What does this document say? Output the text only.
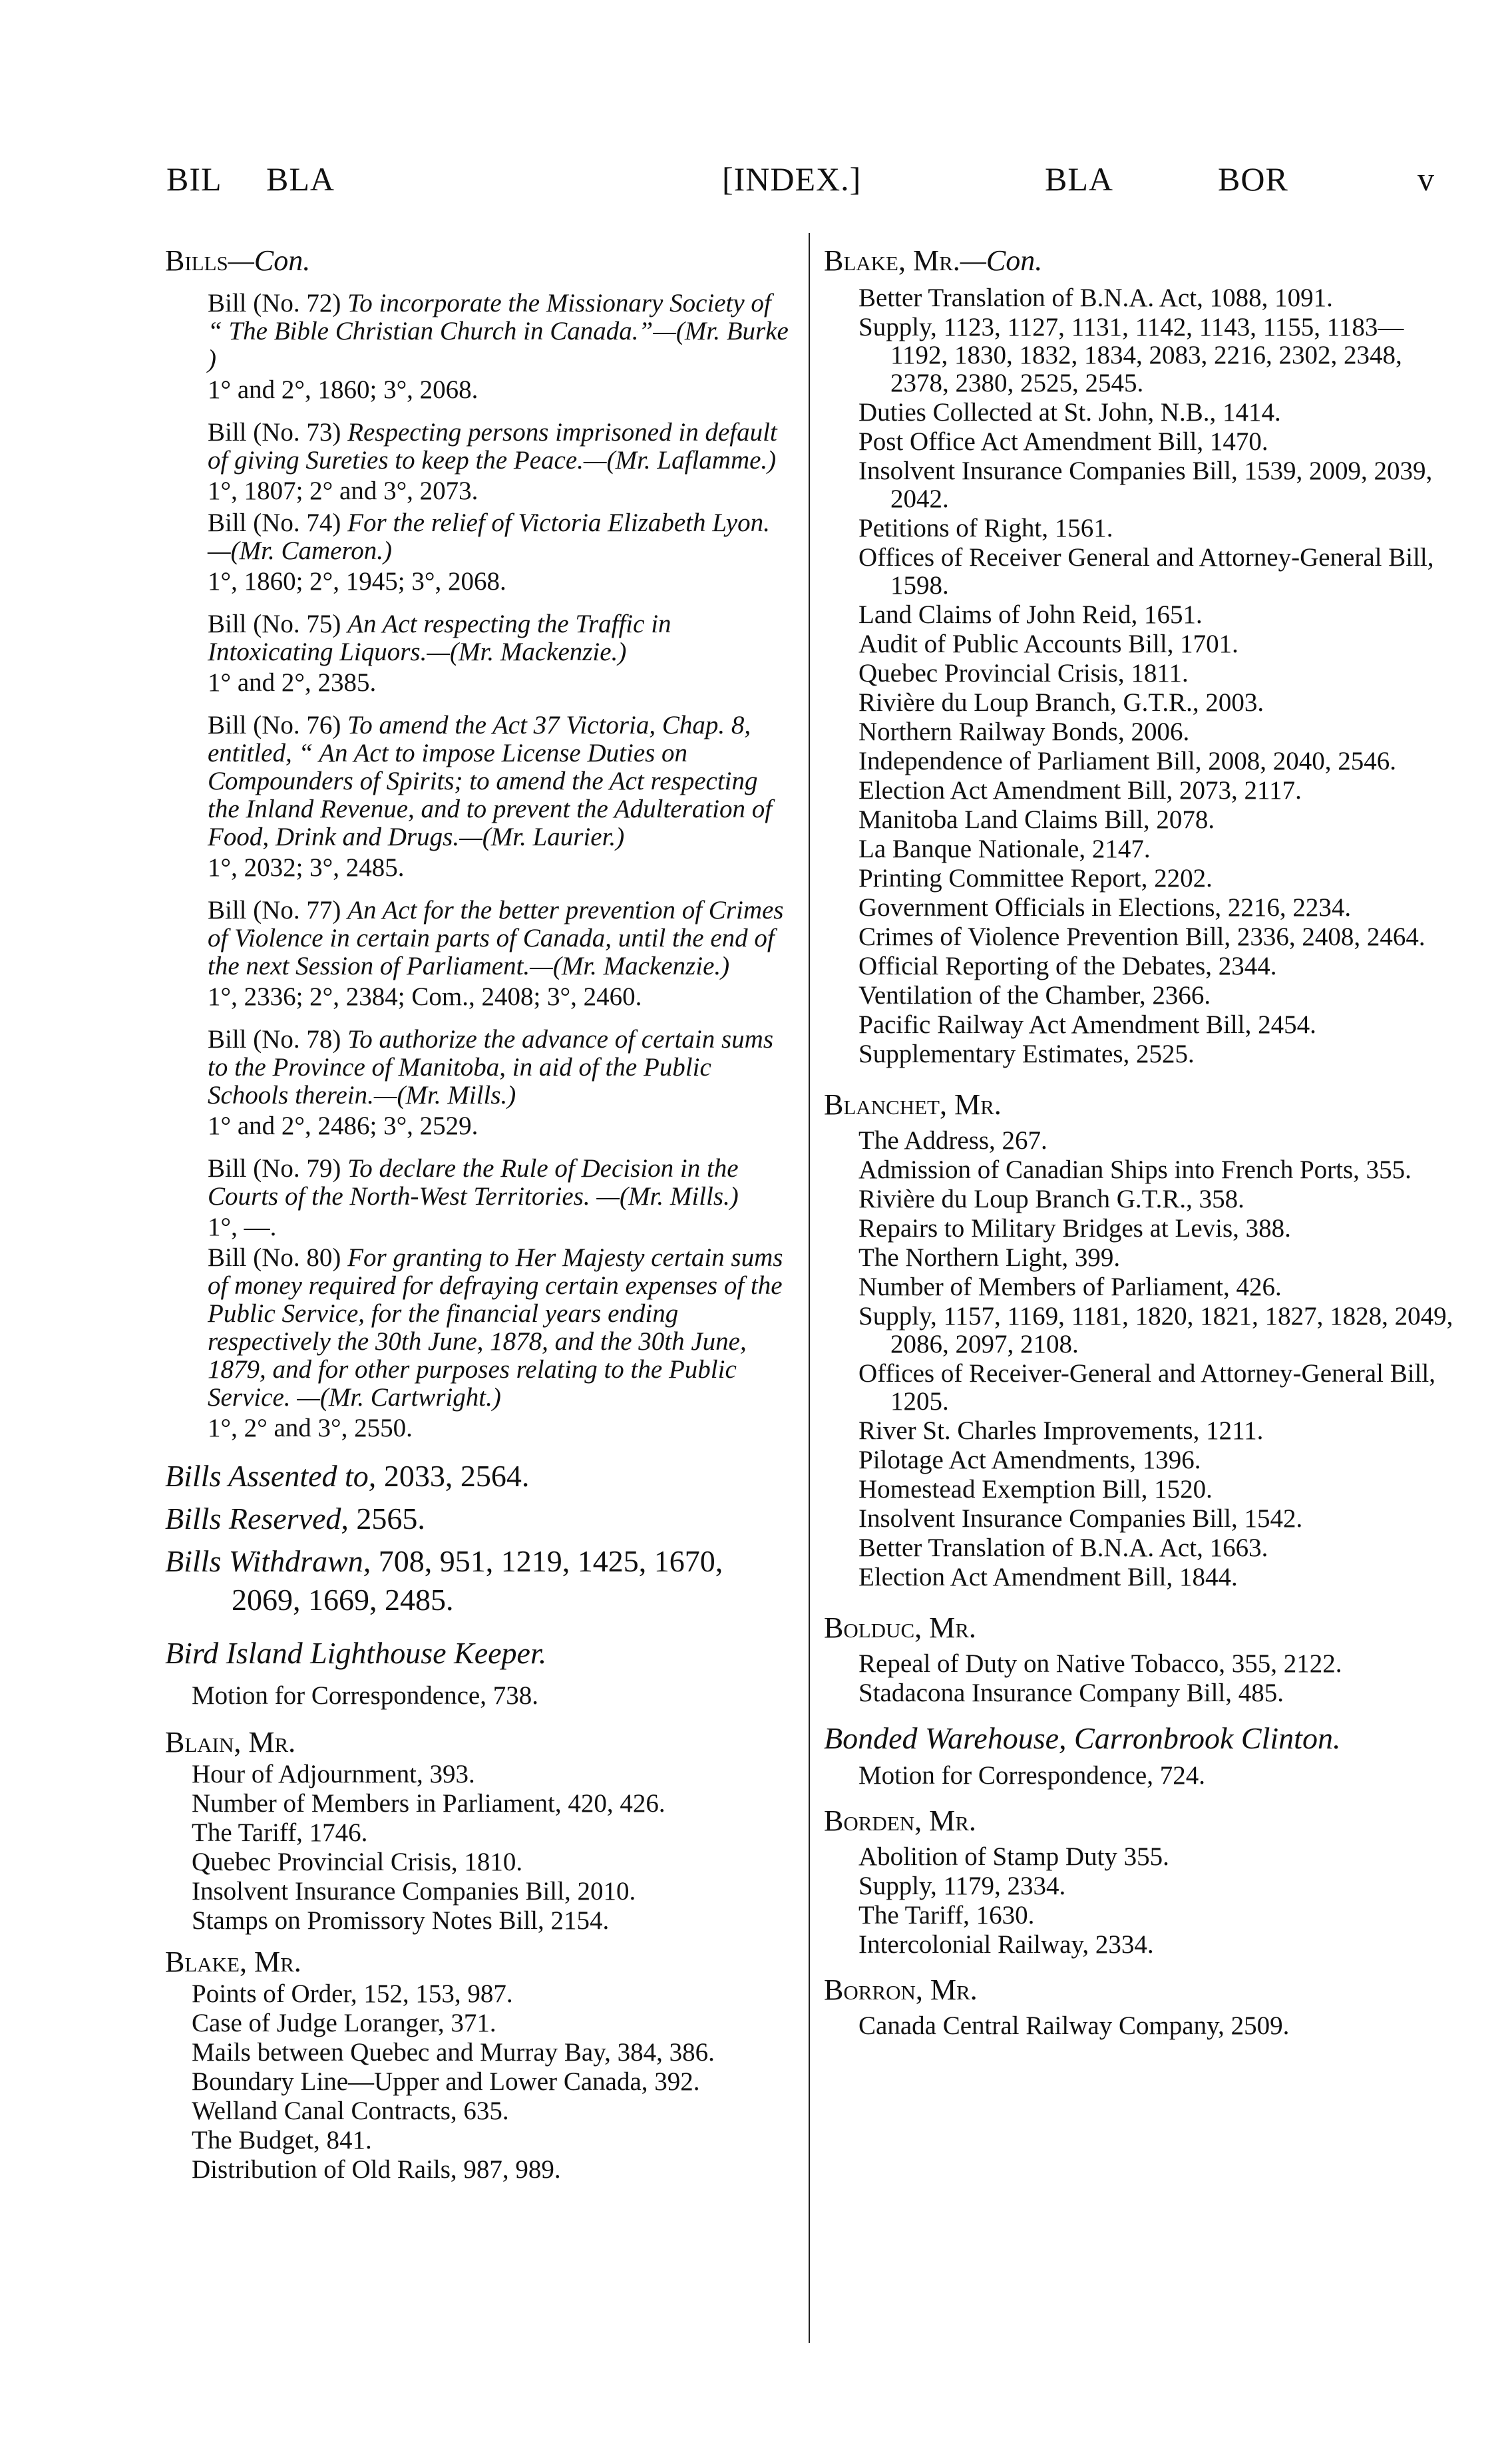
BIL BLA	[INDEX.]	BLA	BOR	v
Bills—Con.
Bill (No. 72) To incorporate the Missionary Society of “ The Bible Christian Church in Canada.”—(Mr. Burke )
1° and 2°, 1860; 3°, 2068.
Bill (No. 73) Respecting persons imprisoned in default of giving Sureties to keep the Peace.—(Mr. Laflamme.)
1°, 1807; 2° and 3°, 2073.
Bill (No. 74) For the relief of Victoria Elizabeth Lyon.—(Mr. Cameron.)
1°, 1860; 2°, 1945; 3°, 2068.
Bill (No. 75) An Act respecting the Traffic in Intoxicating Liquors.—(Mr. Mackenzie.)
1° and 2°, 2385.
Bill (No. 76) To amend the Act 37 Victoria, Chap. 8, entitled, “ An Act to impose License Duties on Compounders of Spirits; to amend the Act respecting the Inland Revenue, and to prevent the Adulteration of Food, Drink and Drugs.—(Mr. Laurier.)
1°, 2032; 3°, 2485.
Bill (No. 77) An Act for the better prevention of Crimes of Violence in certain parts of Canada, until the end of the next Session of Parliament.—(Mr. Mackenzie.)
1°, 2336; 2°, 2384; Com., 2408; 3°, 2460.
Bill (No. 78) To authorize the advance of certain sums to the Province of Manitoba, in aid of the Public Schools therein.—(Mr. Mills.)
1° and 2°, 2486; 3°, 2529.
Bill (No. 79) To declare the Rule of Decision in the Courts of the North-West Territories. —(Mr. Mills.)
1°, —.
Bill (No. 80) For granting to Her Majesty certain sums of money required for defraying certain expenses of the Public Service, for the financial years ending respectively the 30th June, 1878, and the 30th June, 1879, and for other purposes relating to the Public Service. —(Mr. Cartwright.)
1°, 2° and 3°, 2550.
Bills Assented to, 2033, 2564.
Bills Reserved, 2565.
Bills Withdrawn, 708, 951, 1219, 1425, 1670, 2069, 1669, 2485.
Bird Island Lighthouse Keeper.
Motion for Correspondence, 738.
Blain, Mr.
Hour of Adjournment, 393.
Number of Members in Parliament, 420, 426.
The Tariff, 1746.
Quebec Provincial Crisis, 1810.
Insolvent Insurance Companies Bill, 2010.
Stamps on Promissory Notes Bill, 2154.
Blake, Mr.
Points of Order, 152, 153, 987.
Case of Judge Loranger, 371.
Mails between Quebec and Murray Bay, 384, 386.
Boundary Line—Upper and Lower Canada, 392.
Welland Canal Contracts, 635.
The Budget, 841.
Distribution of Old Rails, 987, 989.
Blake, Mr.—Con.
Better Translation of B.N.A. Act, 1088, 1091.
Supply, 1123, 1127, 1131, 1142, 1143, 1155, 1183—1192, 1830, 1832, 1834, 2083, 2216, 2302, 2348, 2378, 2380, 2525, 2545.
Duties Collected at St. John, N.B., 1414.
Post Office Act Amendment Bill, 1470.
Insolvent Insurance Companies Bill, 1539, 2009, 2039, 2042.
Petitions of Right, 1561.
Offices of Receiver General and Attorney-General Bill, 1598.
Land Claims of John Reid, 1651.
Audit of Public Accounts Bill, 1701.
Quebec Provincial Crisis, 1811.
Rivière du Loup Branch, G.T.R., 2003.
Northern Railway Bonds, 2006.
Independence of Parliament Bill, 2008, 2040, 2546.
Election Act Amendment Bill, 2073, 2117.
Manitoba Land Claims Bill, 2078.
La Banque Nationale, 2147.
Printing Committee Report, 2202.
Government Officials in Elections, 2216, 2234.
Crimes of Violence Prevention Bill, 2336, 2408, 2464.
Official Reporting of the Debates, 2344.
Ventilation of the Chamber, 2366.
Pacific Railway Act Amendment Bill, 2454.
Supplementary Estimates, 2525.
Blanchet, Mr.
The Address, 267.
Admission of Canadian Ships into French Ports, 355.
Rivière du Loup Branch G.T.R., 358.
Repairs to Military Bridges at Levis, 388.
The Northern Light, 399.
Number of Members of Parliament, 426.
Supply, 1157, 1169, 1181, 1820, 1821, 1827, 1828, 2049, 2086, 2097, 2108.
Offices of Receiver-General and Attorney-General Bill, 1205.
River St. Charles Improvements, 1211.
Pilotage Act Amendments, 1396.
Homestead Exemption Bill, 1520.
Insolvent Insurance Companies Bill, 1542.
Better Translation of B.N.A. Act, 1663.
Election Act Amendment Bill, 1844.
Bolduc, Mr.
Repeal of Duty on Native Tobacco, 355, 2122.
Stadacona Insurance Company Bill, 485.
Bonded Warehouse, Carronbrook Clinton.
Motion for Correspondence, 724.
Borden, Mr.
Abolition of Stamp Duty 355.
Supply, 1179, 2334.
The Tariff, 1630.
Intercolonial Railway, 2334.
Borron, Mr.
Canada Central Railway Company, 2509.
